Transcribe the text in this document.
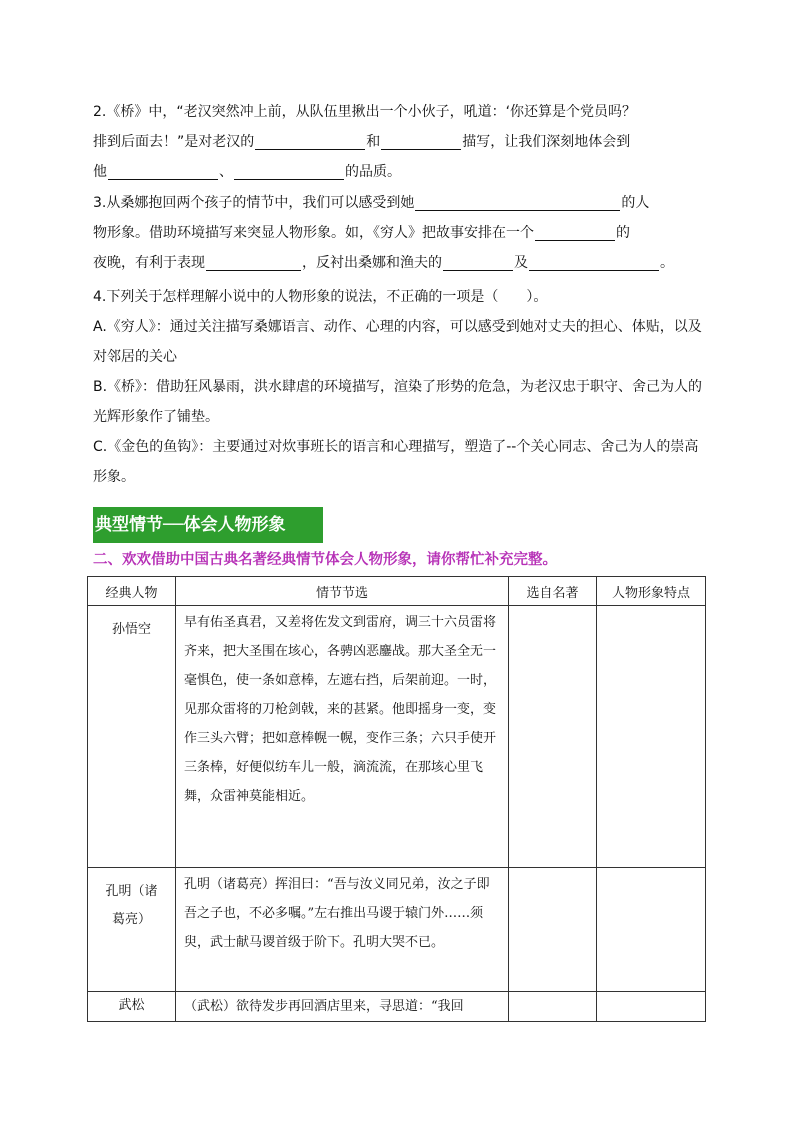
2.《桥》中，“老汉突然冲上前，从队伍里揪出一个小伙子，吼道：‘你还算是个党员吗？
排到后面去！”是对老汉的	和	描写，让我们深刻地体会到
他	、	的品质。
3.从桑娜抱回两个孩子的情节中，我们可以感受到她	的人
物形象。借助环境描写来突显人物形象。如，《穷人》把故事安排在一个	的
夜晚，有利于表现	，反衬出桑娜和渔夫的	及	。
4.下列关于怎样理解小说中的人物形象的说法，不正确的一项是（　　）。
A.《穷人》：通过关注描写桑娜语言、动作、心理的内容，可以感受到她对丈夫的担心、体贴，以及对邻居的关心
B.《桥》：借助狂风暴雨，洪水肆虐的环境描写，渲染了形势的危急，为老汉忠于职守、舍己为人的光辉形象作了铺垫。
C.《金色的鱼钩》：主要通过对炊事班长的语言和心理描写，塑造了--个关心同志、舍己为人的崇高形象。
典型情节──体会人物形象
二、欢欢借助中国古典名著经典情节体会人物形象，请你帮忙补充完整。
经典人物	情节节选	选自名著	人物形象特点
孙悟空	早有佑圣真君，又差将佐发文到雷府，调三十六员雷将齐来，把大圣围在垓心，各骋凶恶鏖战。那大圣全无一毫惧色，使一条如意棒，左遮右挡，后架前迎。一时，见那众雷将的刀枪剑戟，来的甚紧。他即摇身一变，变作三头六臂；把如意棒幌一幌，变作三条；六只手使开三条棒，好便似纺车儿一般，滴流流，在那垓心里飞舞，众雷神莫能相近。		
孔明（诸葛亮）	孔明（诸葛亮）挥泪曰：“吾与汝义同兄弟，汝之子即吾之子也，不必多嘱。”左右推出马谡于辕门外……须臾，武士献马谡首级于阶下。孔明大哭不已。		
武松	（武松）欲待发步再回酒店里来，寻思道：“我回		
